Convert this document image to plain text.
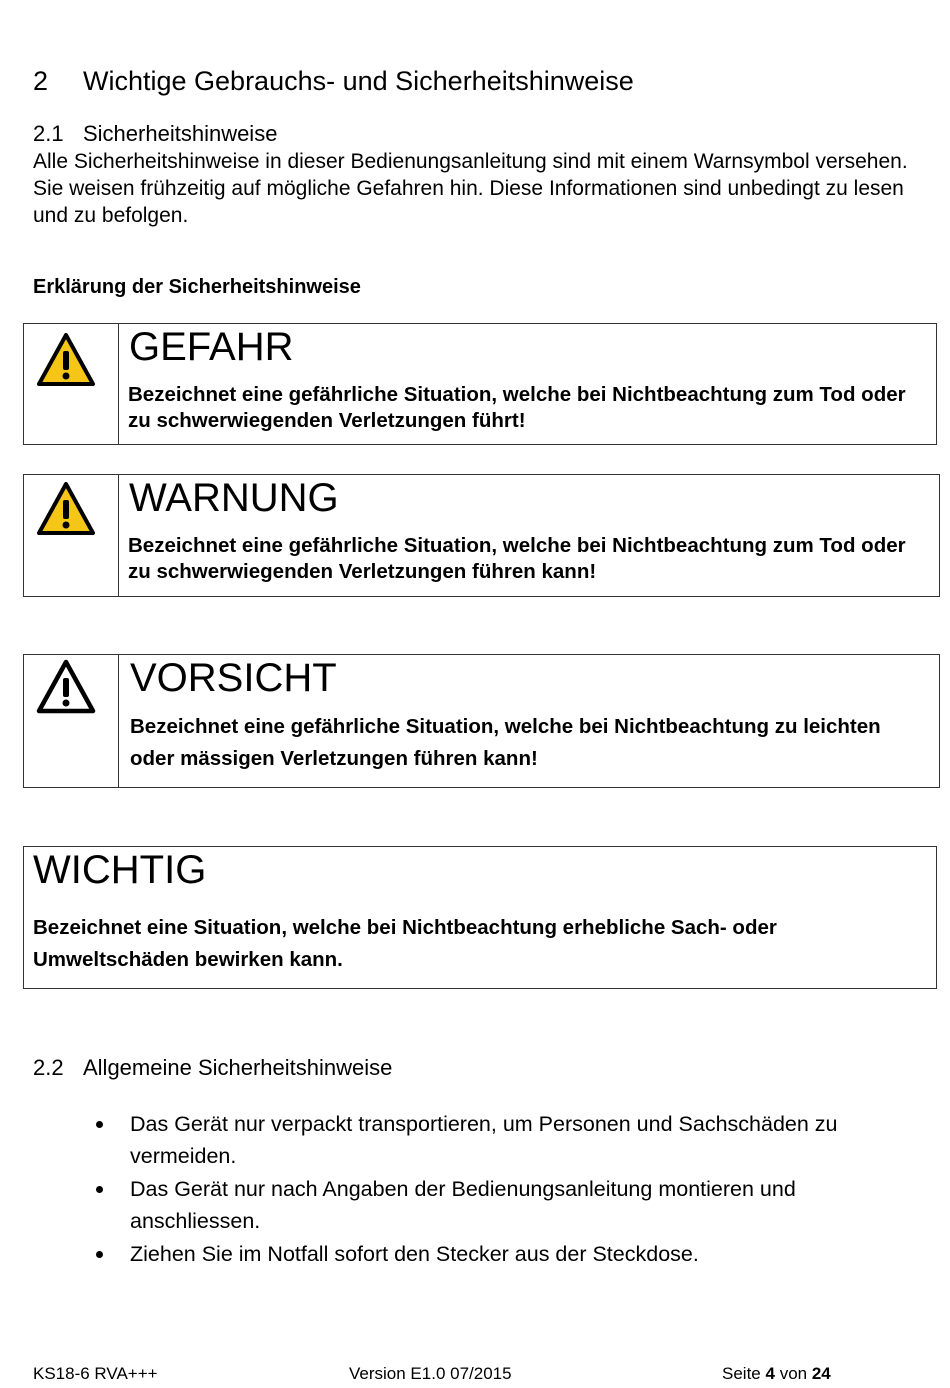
2 Wichtige Gebrauchs- und Sicherheitshinweise
2.1 Sicherheitshinweise
Alle Sicherheitshinweise in dieser Bedienungsanleitung sind mit einem Warnsymbol versehen. Sie weisen frühzeitig auf mögliche Gefahren hin. Diese Informationen sind unbedingt zu lesen und zu befolgen.
Erklärung der Sicherheitshinweise
GEFAHR
Bezeichnet eine gefährliche Situation, welche bei Nichtbeachtung zum Tod oder zu schwerwiegenden Verletzungen führt!
WARNUNG
Bezeichnet eine gefährliche Situation, welche bei Nichtbeachtung zum Tod oder zu schwerwiegenden Verletzungen führen kann!
VORSICHT
Bezeichnet eine gefährliche Situation, welche bei Nichtbeachtung zu leichten oder mässigen Verletzungen führen kann!
WICHTIG
Bezeichnet eine Situation, welche bei Nichtbeachtung erhebliche Sach- oder Umweltschäden bewirken kann.
2.2 Allgemeine Sicherheitshinweise
Das Gerät nur verpackt transportieren, um Personen und Sachschäden zu vermeiden.
Das Gerät nur nach Angaben der Bedienungsanleitung montieren und anschliessen.
Ziehen Sie im Notfall sofort den Stecker aus der Steckdose.
KS18-6 RVA+++	Version E1.0 07/2015	Seite 4 von 24
